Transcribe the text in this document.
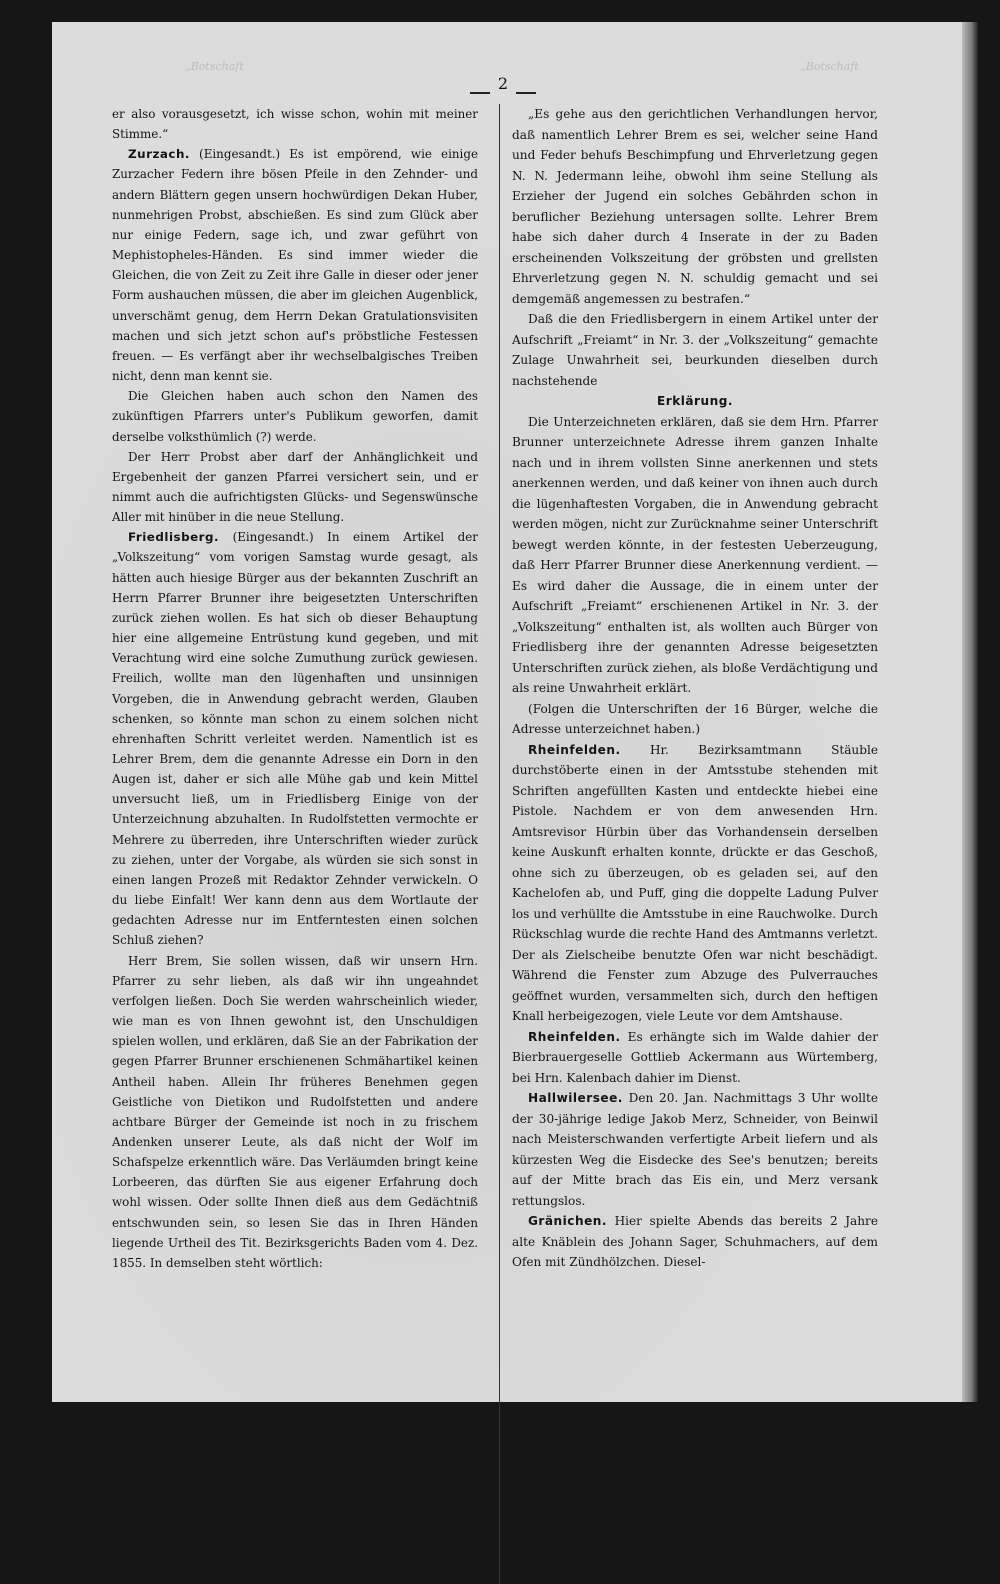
„Botschaft	„Botschaft
2

er also vorausgesetzt, ich wisse schon, wohin mit meiner Stimme.“

Zurzach. (Eingesandt.) Es ist empörend, wie einige Zurzacher Federn ihre bösen Pfeile in den Zehnder- und andern Blättern gegen unsern hochwürdigen Dekan Huber, nunmehrigen Probst, abschießen. Es sind zum Glück aber nur einige Federn, sage ich, und zwar geführt von Mephistopheles-Händen. Es sind immer wieder die Gleichen, die von Zeit zu Zeit ihre Galle in dieser oder jener Form aushauchen müssen, die aber im gleichen Augenblick, unverschämt genug, dem Herrn Dekan Gratulationsvisiten machen und sich jetzt schon auf's pröbstliche Festessen freuen. — Es verfängt aber ihr wechselbalgisches Treiben nicht, denn man kennt sie.

Die Gleichen haben auch schon den Namen des zukünftigen Pfarrers unter's Publikum geworfen, damit derselbe volksthümlich (?) werde.

Der Herr Probst aber darf der Anhänglichkeit und Ergebenheit der ganzen Pfarrei versichert sein, und er nimmt auch die aufrichtigsten Glücks- und Segenswünsche Aller mit hinüber in die neue Stellung.

Friedlisberg. (Eingesandt.) In einem Artikel der „Volkszeitung“ vom vorigen Samstag wurde gesagt, als hätten auch hiesige Bürger aus der bekannten Zuschrift an Herrn Pfarrer Brunner ihre beigesetzten Unterschriften zurück ziehen wollen. Es hat sich ob dieser Behauptung hier eine allgemeine Entrüstung kund gegeben, und mit Verachtung wird eine solche Zumuthung zurück gewiesen. Freilich, wollte man den lügenhaften und unsinnigen Vorgeben, die in Anwendung gebracht werden, Glauben schenken, so könnte man schon zu einem solchen nicht ehrenhaften Schritt verleitet werden. Namentlich ist es Lehrer Brem, dem die genannte Adresse ein Dorn in den Augen ist, daher er sich alle Mühe gab und kein Mittel unversucht ließ, um in Friedlisberg Einige von der Unterzeichnung abzuhalten. In Rudolfstetten vermochte er Mehrere zu überreden, ihre Unterschriften wieder zurück zu ziehen, unter der Vorgabe, als würden sie sich sonst in einen langen Prozeß mit Redaktor Zehnder verwickeln. O du liebe Einfalt! Wer kann denn aus dem Wortlaute der gedachten Adresse nur im Entferntesten einen solchen Schluß ziehen?

Herr Brem, Sie sollen wissen, daß wir unsern Hrn. Pfarrer zu sehr lieben, als daß wir ihn ungeahndet verfolgen ließen. Doch Sie werden wahrscheinlich wieder, wie man es von Ihnen gewohnt ist, den Unschuldigen spielen wollen, und erklären, daß Sie an der Fabrikation der gegen Pfarrer Brunner erschienenen Schmähartikel keinen Antheil haben. Allein Ihr früheres Benehmen gegen Geistliche von Dietikon und Rudolfstetten und andere achtbare Bürger der Gemeinde ist noch in zu frischem Andenken unserer Leute, als daß nicht der Wolf im Schafspelze erkenntlich wäre. Das Verläumden bringt keine Lorbeeren, das dürften Sie aus eigener Erfahrung doch wohl wissen. Oder sollte Ihnen dieß aus dem Gedächtniß entschwunden sein, so lesen Sie das in Ihren Händen liegende Urtheil des Tit. Bezirksgerichts Baden vom 4. Dez. 1855. In demselben steht wörtlich:

„Es gehe aus den gerichtlichen Verhandlungen hervor, daß namentlich Lehrer Brem es sei, welcher seine Hand und Feder behufs Beschimpfung und Ehrverletzung gegen N. N. Jedermann leihe, obwohl ihm seine Stellung als Erzieher der Jugend ein solches Gebährden schon in beruflicher Beziehung untersagen sollte. Lehrer Brem habe sich daher durch 4 Inserate in der zu Baden erscheinenden Volkszeitung der gröbsten und grellsten Ehrverletzung gegen N. N. schuldig gemacht und sei demgemäß angemessen zu bestrafen.“

Daß die den Friedlisbergern in einem Artikel unter der Aufschrift „Freiamt“ in Nr. 3. der „Volkszeitung“ gemachte Zulage Unwahrheit sei, beurkunden dieselben durch nachstehende

Erklärung.

Die Unterzeichneten erklären, daß sie dem Hrn. Pfarrer Brunner unterzeichnete Adresse ihrem ganzen Inhalte nach und in ihrem vollsten Sinne anerkennen und stets anerkennen werden, und daß keiner von ihnen auch durch die lügenhaftesten Vorgaben, die in Anwendung gebracht werden mögen, nicht zur Zurücknahme seiner Unterschrift bewegt werden könnte, in der festesten Ueberzeugung, daß Herr Pfarrer Brunner diese Anerkennung verdient. — Es wird daher die Aussage, die in einem unter der Aufschrift „Freiamt“ erschienenen Artikel in Nr. 3. der „Volkszeitung“ enthalten ist, als wollten auch Bürger von Friedlisberg ihre der genannten Adresse beigesetzten Unterschriften zurück ziehen, als bloße Verdächtigung und als reine Unwahrheit erklärt.

(Folgen die Unterschriften der 16 Bürger, welche die Adresse unterzeichnet haben.)

Rheinfelden. Hr. Bezirksamtmann Stäuble durchstöberte einen in der Amtsstube stehenden mit Schriften angefüllten Kasten und entdeckte hiebei eine Pistole. Nachdem er von dem anwesenden Hrn. Amtsrevisor Hürbin über das Vorhandensein derselben keine Auskunft erhalten konnte, drückte er das Geschoß, ohne sich zu überzeugen, ob es geladen sei, auf den Kachelofen ab, und Puff, ging die doppelte Ladung Pulver los und verhüllte die Amtsstube in eine Rauchwolke. Durch Rückschlag wurde die rechte Hand des Amtmanns verletzt. Der als Zielscheibe benutzte Ofen war nicht beschädigt. Während die Fenster zum Abzuge des Pulverrauches geöffnet wurden, versammelten sich, durch den heftigen Knall herbeigezogen, viele Leute vor dem Amtshause.

Rheinfelden. Es erhängte sich im Walde dahier der Bierbrauergeselle Gottlieb Ackermann aus Würtemberg, bei Hrn. Kalenbach dahier im Dienst.

Hallwilersee. Den 20. Jan. Nachmittags 3 Uhr wollte der 30-jährige ledige Jakob Merz, Schneider, von Beinwil nach Meisterschwanden verfertigte Arbeit liefern und als kürzesten Weg die Eisdecke des See's benutzen; bereits auf der Mitte brach das Eis ein, und Merz versank rettungslos.

Gränichen. Hier spielte Abends das bereits 2 Jahre alte Knäblein des Johann Sager, Schuhmachers, auf dem Ofen mit Zündhölzchen. Diesel-
